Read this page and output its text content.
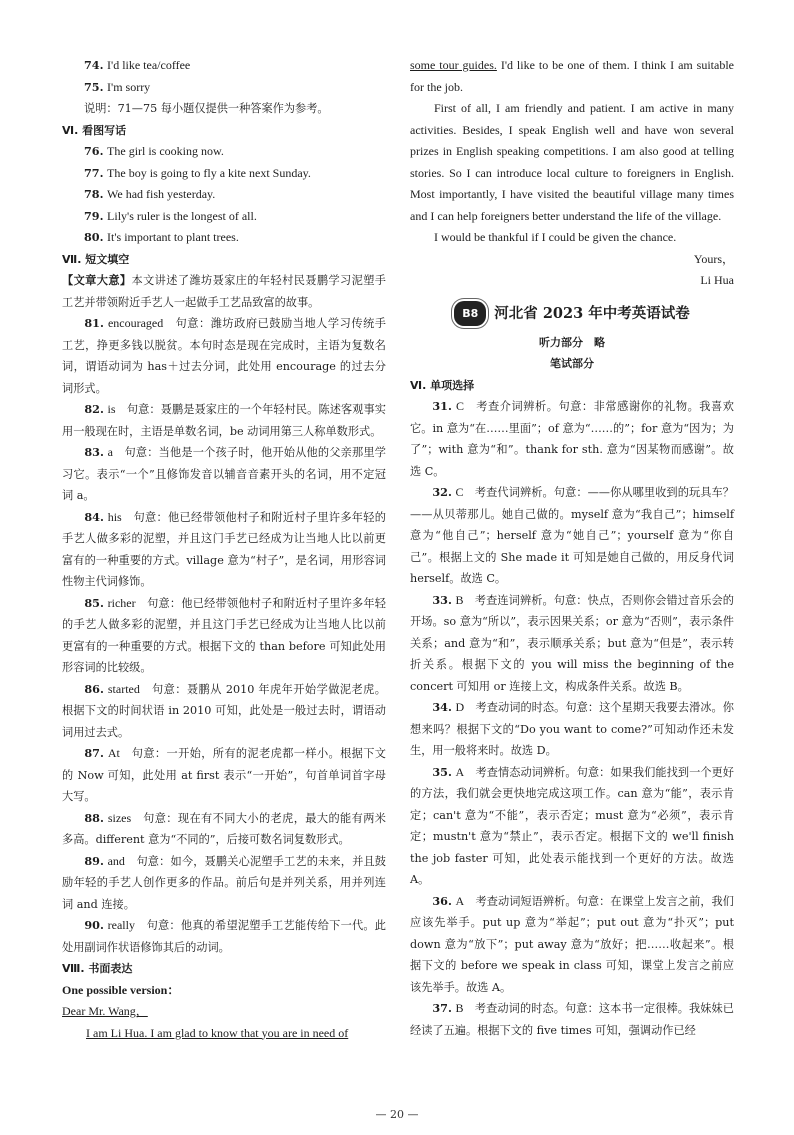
74. I'd like tea/coffee

75. I'm sorry

说明：71—75 每小题仅提供一种答案作为参考。

Ⅵ. 看图写话

76. The girl is cooking now.

77. The boy is going to fly a kite next Sunday.

78. We had fish yesterday.

79. Lily's ruler is the longest of all.

80. It's important to plant trees.

Ⅶ. 短文填空

【文章大意】本文讲述了潍坊聂家庄的年轻村民聂鹏学习泥塑手工艺并带领附近手艺人一起做手工艺品致富的故事。

81. encouraged　 句意：潍坊政府已鼓励当地人学习传统手工艺，挣更多钱以脱贫。本句时态是现在完成时，主语为复数名词，谓语动词为 has＋过去分词，此处用 encourage 的过去分词形式。

82. is　 句意：聂鹏是聂家庄的一个年轻村民。陈述客观事实用一般现在时，主语是单数名词，be 动词用第三人称单数形式。

83. a　 句意：当他是一个孩子时，他开始从他的父亲那里学习它。表示“一个”且修饰发音以辅音音素开头的名词，用不定冠词 a。

84. his　 句意：他已经带领他村子和附近村子里许多年轻的手艺人做多彩的泥塑，并且这门手艺已经成为让当地人比以前更富有的一种重要的方式。village 意为“村子”，是名词，用形容词性物主代词修饰。

85. richer　 句意：他已经带领他村子和附近村子里许多年轻的手艺人做多彩的泥塑，并且这门手艺已经成为让当地人比以前更富有的一种重要的方式。根据下文的 than before 可知此处用形容词的比较级。

86. started　 句意：聂鹏从 2010 年虎年开始学做泥老虎。根据下文的时间状语 in 2010 可知，此处是一般过去时，谓语动词用过去式。

87. At　 句意：一开始，所有的泥老虎都一样小。根据下文的 Now 可知，此处用 at first 表示“一开始”，句首单词首字母大写。

88. sizes　 句意：现在有不同大小的老虎，最大的能有两米多高。different 意为“不同的”，后接可数名词复数形式。

89. and　 句意：如今，聂鹏关心泥塑手工艺的未来，并且鼓励年轻的手艺人创作更多的作品。前后句是并列关系，用并列连词 and 连接。

90. really　 句意：他真的希望泥塑手工艺能传给下一代。此处用副词作状语修饰其后的动词。

Ⅷ. 书面表达

One possible version：

Dear Mr. Wang，

I am Li Hua. I am glad to know that you are in need of

some tour guides. I'd like to be one of them. I think I am suitable for the job.

First of all, I am friendly and patient. I am active in many activities. Besides, I speak English well and have won several prizes in English speaking competitions. I am also good at telling stories. So I can introduce local culture to foreigners in English. Most importantly, I have visited the beautiful village many times and I can help foreigners better understand the life of the village.

I would be thankful if I could be given the chance.

Yours，

Li Hua

B8	河北省 2023 年中考英语试卷

听力部分　略

笔试部分

Ⅵ. 单项选择

31. C　 考查介词辨析。句意：非常感谢你的礼物。我喜欢它。in 意为“在……里面”；of 意为“……的”；for 意为“因为；为了”；with 意为“和”。thank for sth. 意为“因某物而感谢”。故选 C。

32. C　 考查代词辨析。句意：——你从哪里收到的玩具车？——从贝蒂那儿。她自己做的。myself 意为“我自己”；himself 意为“他自己”；herself 意为“她自己”；yourself 意为“你自己”。根据上文的 She made it 可知是她自己做的，用反身代词 herself。故选 C。

33. B　 考查连词辨析。句意：快点，否则你会错过音乐会的开场。so 意为“所以”，表示因果关系；or 意为“否则”，表示条件关系；and 意为“和”，表示顺承关系；but 意为“但是”，表示转折关系。根据下文的 you will miss the beginning of the concert 可知用 or 连接上文，构成条件关系。故选 B。

34. D　 考查动词的时态。句意：这个星期天我要去滑冰。你想来吗？根据下文的“Do you want to come?”可知动作还未发生，用一般将来时。故选 D。

35. A　 考查情态动词辨析。句意：如果我们能找到一个更好的方法，我们就会更快地完成这项工作。can 意为“能”，表示肯定；can't 意为“不能”，表示否定；must 意为“必须”，表示肯定；mustn't 意为“禁止”，表示否定。根据下文的 we'll finish the job faster 可知，此处表示能找到一个更好的方法。故选 A。

36. A　 考查动词短语辨析。句意：在课堂上发言之前，我们应该先举手。put up 意为“举起”；put out 意为“扑灭”；put down 意为“放下”；put away 意为“放好；把……收起来”。根据下文的 before we speak in class 可知，课堂上发言之前应该先举手。故选 A。

37. B　 考查动词的时态。句意：这本书一定很棒。我妹妹已经读了五遍。根据下文的 five times 可知，强调动作已经

— 20 —
